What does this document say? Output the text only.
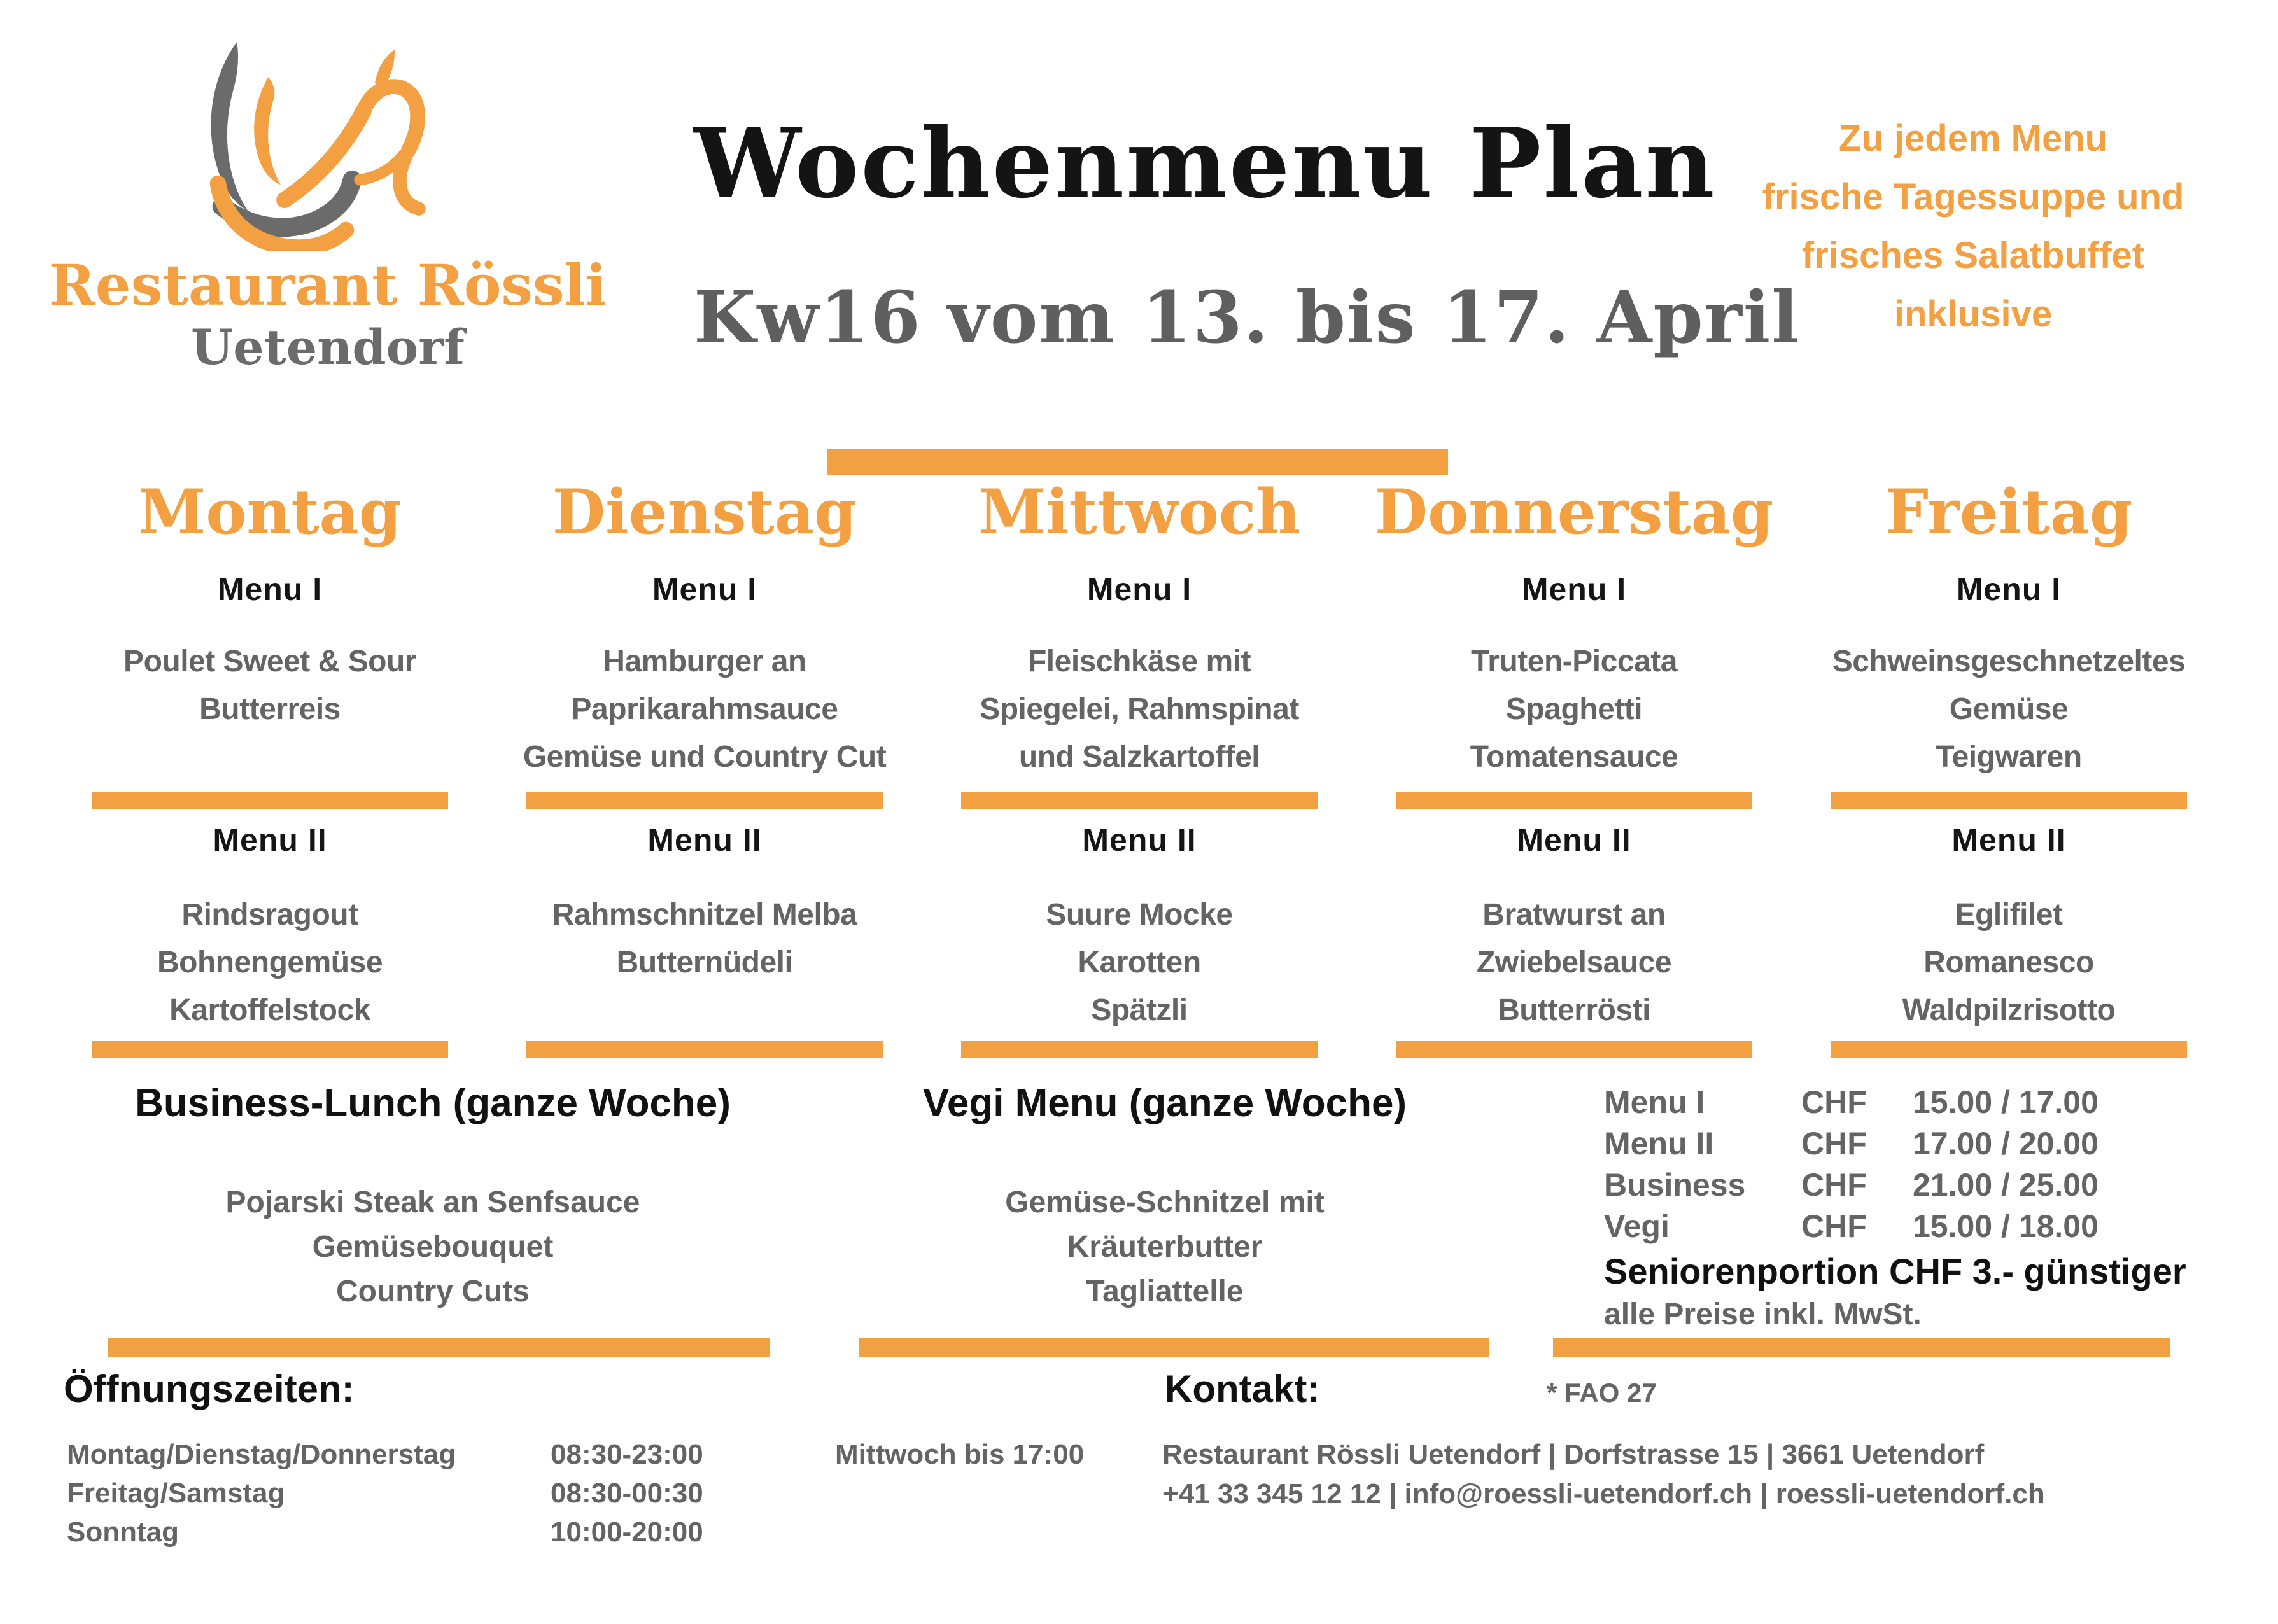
Restaurant Rössli
Uetendorf
Wochenmenu Plan
Kw16 vom 13. bis 17. April
Zu jedem Menu
frische Tagessuppe und
frisches Salatbuffet
inklusive
Montag
Menu I
Poulet Sweet & Sour
Butterreis
Menu II
Rindsragout
Bohnengemüse
Kartoffelstock
Dienstag
Menu I
Hamburger an
Paprikarahmsauce
Gemüse und Country Cut
Menu II
Rahmschnitzel Melba
Butternüdeli
Mittwoch
Menu I
Fleischkäse mit
Spiegelei, Rahmspinat
und Salzkartoffel
Menu II
Suure Mocke
Karotten
Spätzli
Donnerstag
Menu I
Truten-Piccata
Spaghetti
Tomatensauce
Menu II
Bratwurst an
Zwiebelsauce
Butterrösti
Freitag
Menu I
Schweinsgeschnetzeltes
Gemüse
Teigwaren
Menu II
Eglifilet
Romanesco
Waldpilzrisotto
Business-Lunch (ganze Woche)
Pojarski Steak an Senfsauce
Gemüsebouquet
Country Cuts
Vegi Menu (ganze Woche)
Gemüse-Schnitzel mit
Kräuterbutter
Tagliattelle
Menu I	CHF	15.00 / 17.00
Menu II	CHF	17.00 / 20.00
Business	CHF	21.00 / 25.00
Vegi	CHF	15.00 / 18.00
Seniorenportion CHF 3.- günstiger
alle Preise inkl. MwSt.
Öffnungszeiten:
Montag/Dienstag/Donnerstag	08:30-23:00
Freitag/Samstag	08:30-00:30
Sonntag	10:00-20:00
Mittwoch bis 17:00
Kontakt:	* FAO 27
Restaurant Rössli Uetendorf | Dorfstrasse 15 | 3661 Uetendorf
+41 33 345 12 12 | info@roessli-uetendorf.ch | roessli-uetendorf.ch
